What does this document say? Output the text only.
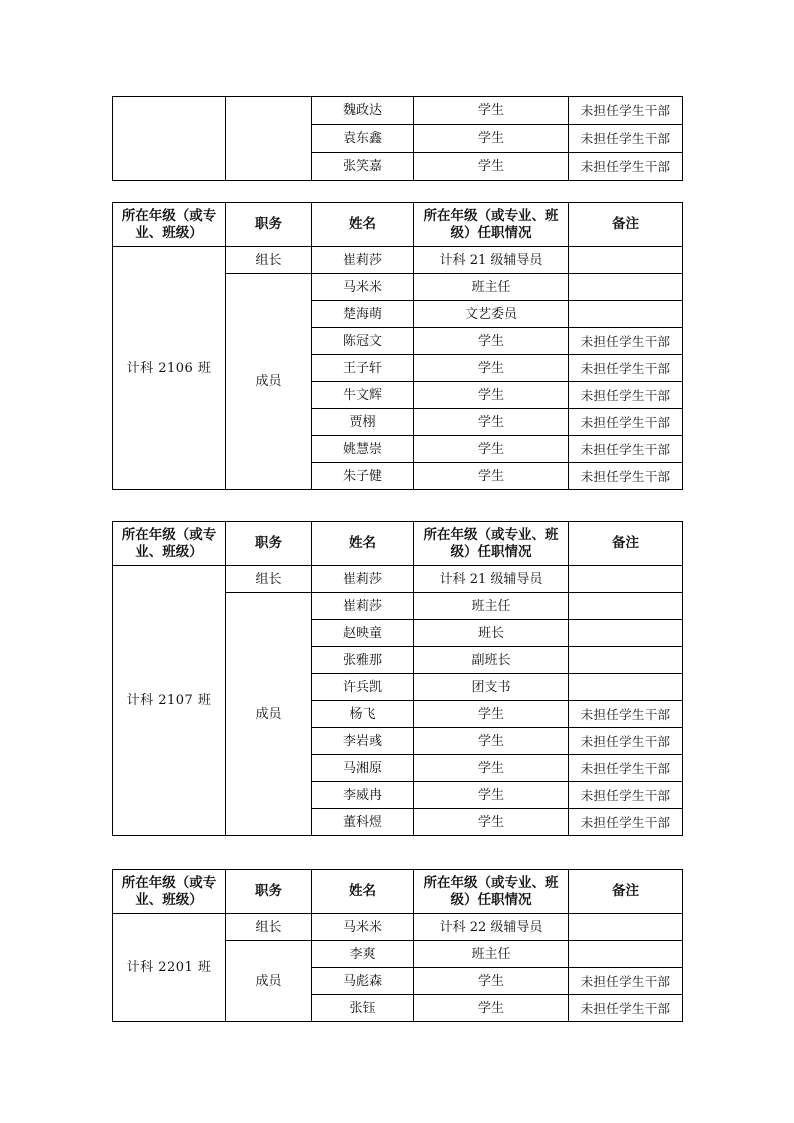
		魏政达	学生	未担任学生干部
		袁东鑫	学生	未担任学生干部
		张笑嘉	学生	未担任学生干部
所在年级（或专业、班级）	职务	姓名	所在年级（或专业、班级）任职情况	备注
计科 2106 班	组长	崔莉莎	计科 21 级辅导员	
	成员	马米米	班主任	
		楚海萌	文艺委员	
		陈冠文	学生	未担任学生干部
		王子轩	学生	未担任学生干部
		牛文辉	学生	未担任学生干部
		贾栩	学生	未担任学生干部
		姚慧崇	学生	未担任学生干部
		朱子健	学生	未担任学生干部
所在年级（或专业、班级）	职务	姓名	所在年级（或专业、班级）任职情况	备注
计科 2107 班	组长	崔莉莎	计科 21 级辅导员	
	成员	崔莉莎	班主任	
		赵映童	班长	
		张雅那	副班长	
		许兵凯	团支书	
		杨飞	学生	未担任学生干部
		李岩彧	学生	未担任学生干部
		马湘原	学生	未担任学生干部
		李威冉	学生	未担任学生干部
		董科煜	学生	未担任学生干部
所在年级（或专业、班级）	职务	姓名	所在年级（或专业、班级）任职情况	备注
计科 2201 班	组长	马米米	计科 22 级辅导员	
	成员	李爽	班主任	
		马彪森	学生	未担任学生干部
		张钰	学生	未担任学生干部
